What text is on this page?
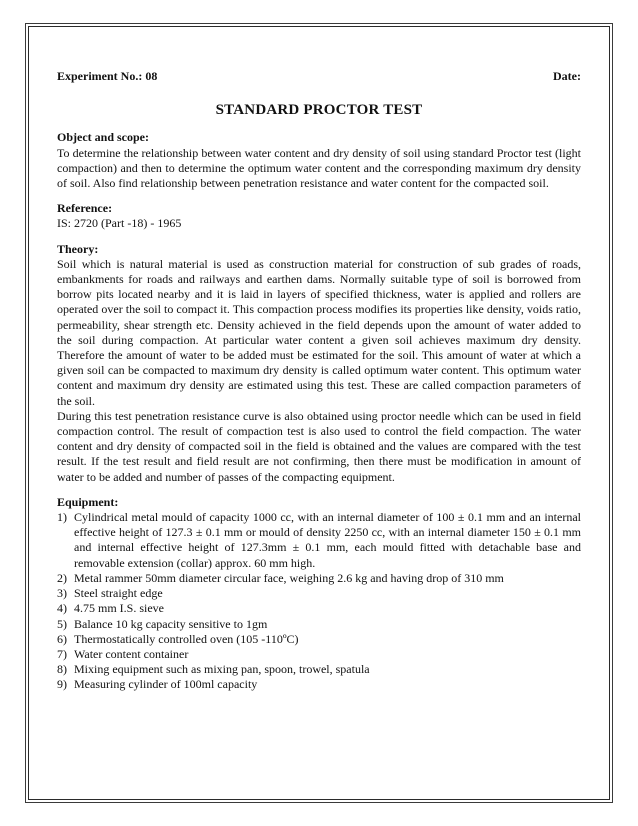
Experiment No.: 08	Date:
STANDARD PROCTOR TEST
Object and scope:

To determine the relationship between water content and dry density of soil using standard Proctor test (light compaction) and then to determine the optimum water content and the corresponding maximum dry density of soil. Also find relationship between penetration resistance and water content for the compacted soil.

Reference:

IS: 2720 (Part -18) - 1965

Theory:

Soil which is natural material is used as construction material for construction of sub grades of roads, embankments for roads and railways and earthen dams. Normally suitable type of soil is borrowed from borrow pits located nearby and it is laid in layers of specified thickness, water is applied and rollers are operated over the soil to compact it. This compaction process modifies its properties like density, voids ratio, permeability, shear strength etc. Density achieved in the field depends upon the amount of water added to the soil during compaction. At particular water content a given soil achieves maximum dry density. Therefore the amount of water to be added must be estimated for the soil. This amount of water at which a given soil can be compacted to maximum dry density is called optimum water content. This optimum water content and maximum dry density are estimated using this test. These are called compaction parameters of the soil.

During this test penetration resistance curve is also obtained using proctor needle which can be used in field compaction control. The result of compaction test is also used to control the field compaction. The water content and dry density of compacted soil in the field is obtained and the values are compared with the test result. If the test result and field result are not confirming, then there must be modification in amount of water to be added and number of passes of the compacting equipment.

Equipment:
1) Cylindrical metal mould of capacity 1000 cc, with an internal diameter of 100 ± 0.1 mm and an internal effective height of 127.3 ± 0.1 mm or mould of density 2250 cc, with an internal diameter 150 ± 0.1 mm and internal effective height of 127.3mm ± 0.1 mm, each mould fitted with detachable base and removable extension (collar) approx. 60 mm high.
2) Metal rammer 50mm diameter circular face, weighing 2.6 kg and having drop of 310 mm
3) Steel straight edge
4) 4.75 mm I.S. sieve
5) Balance 10 kg capacity sensitive to 1gm
6) Thermostatically controlled oven (105 -110ºC)
7) Water content container
8) Mixing equipment such as mixing pan, spoon, trowel, spatula
9) Measuring cylinder of 100ml capacity
